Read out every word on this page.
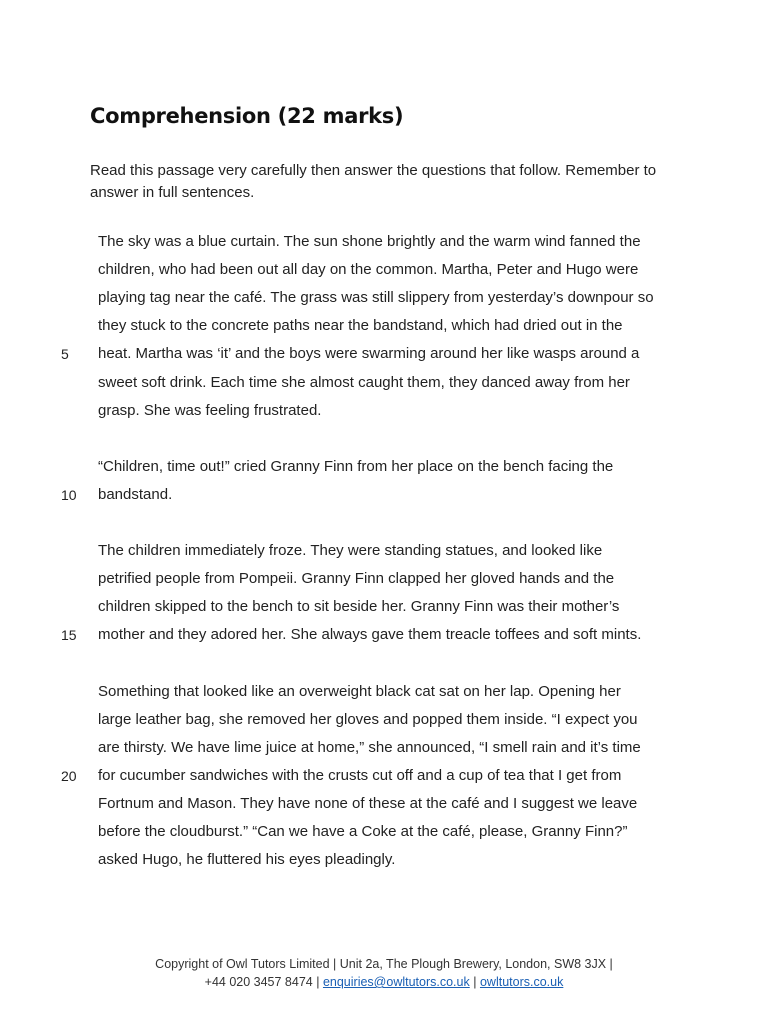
Comprehension (22 marks)
Read this passage very carefully then answer the questions that follow. Remember to answer in full sentences.
The sky was a blue curtain. The sun shone brightly and the warm wind fanned the
children, who had been out all day on the common. Martha, Peter and Hugo were
playing tag near the café. The grass was still slippery from yesterday’s downpour so
they stuck to the concrete paths near the bandstand, which had dried out in the
5	heat. Martha was ‘it’ and the boys were swarming around her like wasps around a
sweet soft drink. Each time she almost caught them, they danced away from her
grasp. She was feeling frustrated.
“Children, time out!” cried Granny Finn from her place on the bench facing the
10	bandstand.
The children immediately froze. They were standing statues, and looked like
petrified people from Pompeii. Granny Finn clapped her gloved hands and the
children skipped to the bench to sit beside her. Granny Finn was their mother’s
15	mother and they adored her. She always gave them treacle toffees and soft mints.
Something that looked like an overweight black cat sat on her lap. Opening her
large leather bag, she removed her gloves and popped them inside. “I expect you
are thirsty. We have lime juice at home,” she announced, “I smell rain and it’s time
20	for cucumber sandwiches with the crusts cut off and a cup of tea that I get from
Fortnum and Mason. They have none of these at the café and I suggest we leave
before the cloudburst.” “Can we have a Coke at the café, please, Granny Finn?”
asked Hugo, he fluttered his eyes pleadingly.
Copyright of Owl Tutors Limited | Unit 2a, The Plough Brewery, London, SW8 3JX |
+44 020 3457 8474 | enquiries@owltutors.co.uk | owltutors.co.uk
